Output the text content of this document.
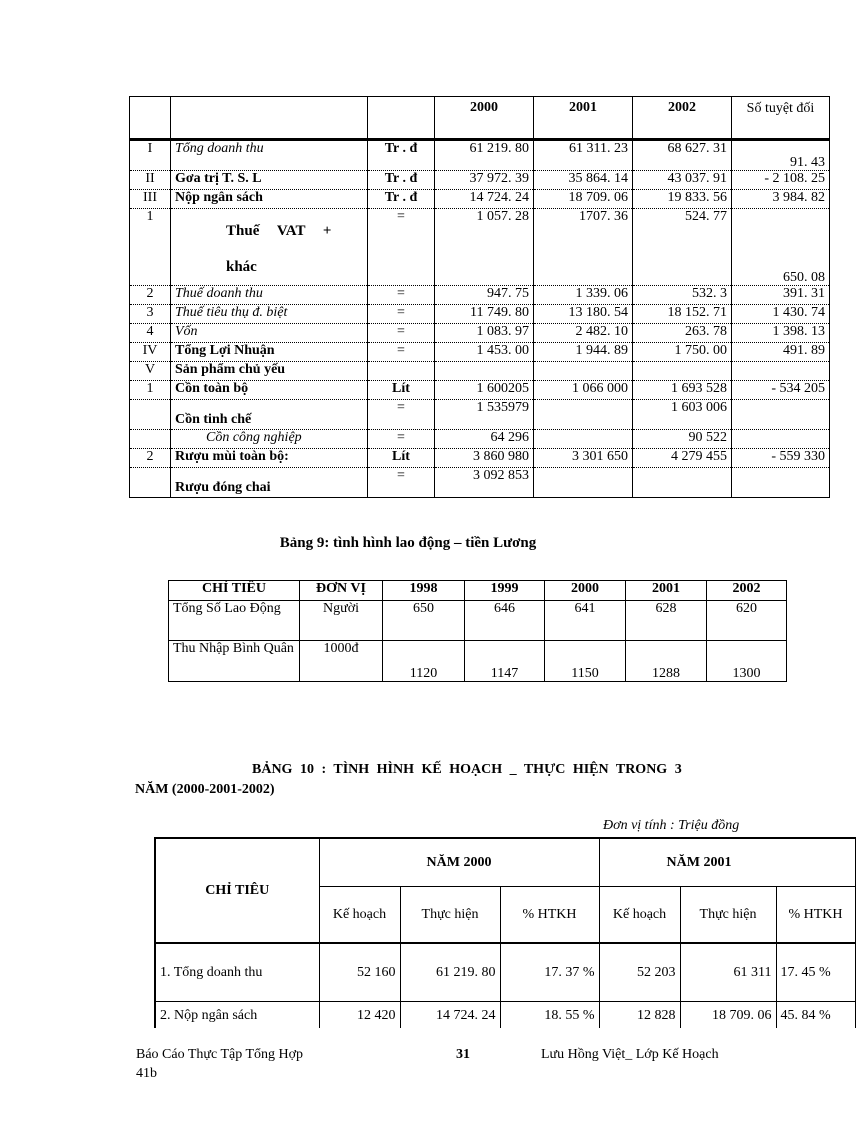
			2000	2001	2002	Số tuyệt đối
I	Tổng doanh thu	Tr . đ	61 219. 80	61 311. 23	68 627. 31	91. 43
II	Gơa trị T. S. L	Tr . đ	37 972. 39	35 864. 14	43 037. 91	- 2 108. 25
III	Nộp ngân sách	Tr . đ	14 724. 24	18 709. 06	19 833. 56	3 984. 82
1	Thuế VAT + khác	=	1 057. 28	1707. 36	524. 77	650. 08
2	Thuế doanh thu	=	947. 75	1 339. 06	532. 3	391. 31
3	Thuế tiêu thụ đ. biệt	=	11 749. 80	13 180. 54	18 152. 71	1 430. 74
4	Vốn	=	1 083. 97	2 482. 10	263. 78	1 398. 13
IV	Tổng Lợi Nhuận	=	1 453. 00	1 944. 89	1 750. 00	491. 89
V	Sản phẩm chủ yếu					
1	Cồn toàn bộ	Lít	1 600205	1 066 000	1 693 528	- 534 205
	Cồn tinh chế	=	1 535979		1 603 006	
	Cồn công nghiệp	=	64 296		90 522	
2	Rượu mùi toàn bộ:	Lít	3 860 980	3 301 650	4 279 455	- 559 330
	Rượu đóng chai	=	3 092 853			
Bảng 9: tình hình lao động – tiền Lương
CHỈ TIÊU	ĐƠN VỊ	1998	1999	2000	2001	2002
Tổng Số Lao Động	Người	650	646	641	628	620
Thu Nhập Bình Quân	1000đ	1120	1147	1150	1288	1300
BẢNG 10 : TÌNH HÌNH KẾ HOẠCH _ THỰC HIỆN TRONG 3
NĂM (2000-2001-2002)
Đơn vị tính : Triệu đồng
CHỈ TIÊU	NĂM 2000			NĂM 2001		
	Kế hoạch	Thực hiện	% HTKH	Kế hoạch	Thực hiện	% HTKH
1. Tổng doanh thu	52 160	61 219. 80	17. 37 %	52 203	61 311	17. 45 %
2. Nộp ngân sách	12 420	14 724. 24	18. 55 %	12 828	18 709. 06	45. 84 %
Báo Cáo Thực Tập Tổng Hợp
41b
31	Lưu Hồng Việt_ Lớp Kế Hoạch
